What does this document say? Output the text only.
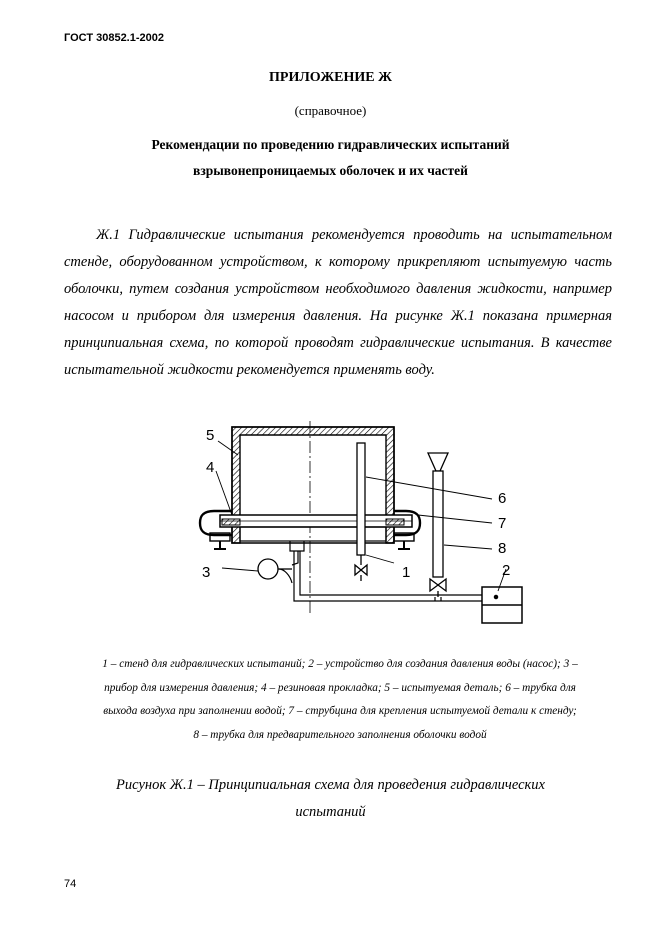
ГОСТ 30852.1-2002
ПРИЛОЖЕНИЕ Ж
(справочное)
Рекомендации по проведению гидравлических испытаний
взрывонепроницаемых оболочек и их частей
Ж.1 Гидравлические испытания рекомендуется проводить на испытательном стенде, оборудованном устройством, к которому прикрепляют испытуемую часть оболочки, путем создания устройством необходимого давления жидкости, например насосом и прибором для измерения давления. На рисунке Ж.1 показана примерная принципиальная схема, по которой проводят гидравлические испытания. В качестве испытательной жидкости рекомендуется применять воду.
5
4
6
7
8
1
3	2
1 – стенд для гидравлических испытаний; 2 – устройство для создания давления воды (насос); 3 – прибор для измерения давления; 4 – резиновая прокладка; 5 – испытуемая деталь; 6 – трубка для выхода воздуха при заполнении водой; 7 – струбцина для крепления испытуемой детали к стенду; 8 – трубка для предварительного заполнения оболочки водой
Рисунок Ж.1 – Принципиальная схема для проведения гидравлических
испытаний
74
